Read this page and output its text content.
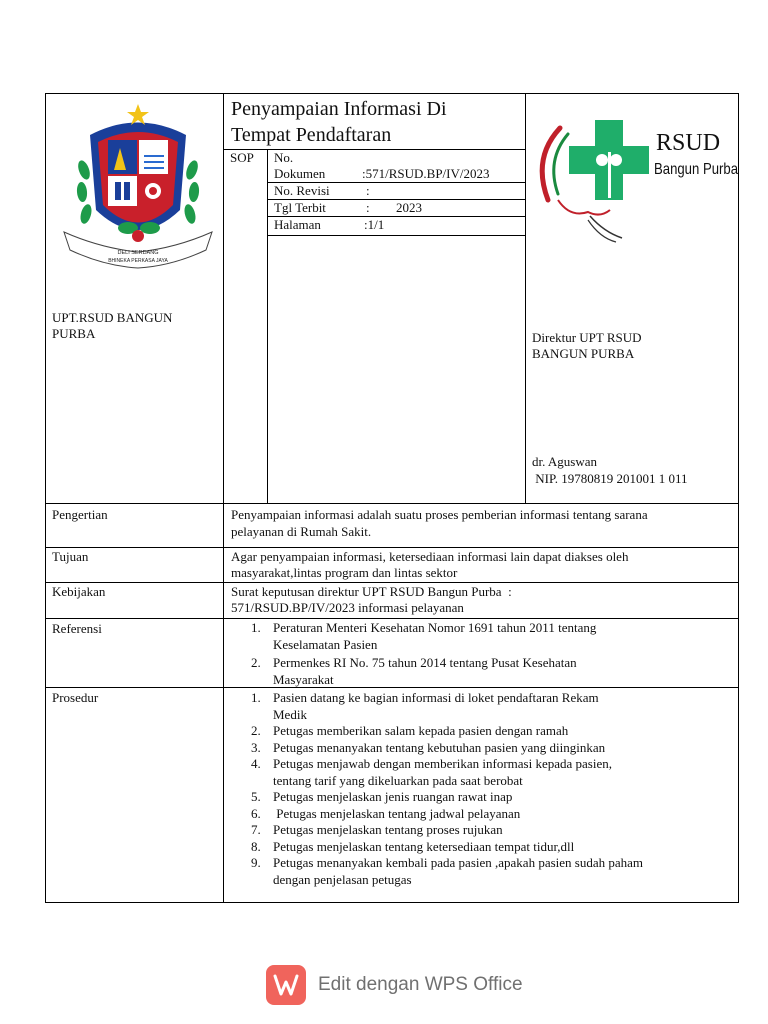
DELI SERDANG
BHINEKA PERKASA JAYA
UPT.RSUD BANGUN
PURBA
Penyampaian Informasi Di
Tempat Pendaftaran
SOP No.
Dokumen	:571/RSUD.BP/IV/2023
No. Revisi	:
Tgl Terbit	: 2023
Halaman	:1/1
RSUD
Bangun Purba
Direktur UPT RSUD
BANGUN PURBA
dr. Aguswan
NIP. 19780819 201001 1 011
Pengertian	Penyampaian informasi adalah suatu proses pemberian informasi tentang sarana
pelayanan di Rumah Sakit.
Tujuan	Agar penyampaian informasi, ketersediaan informasi lain dapat diakses oleh
masyarakat,lintas program dan lintas sektor
Kebijakan	Surat keputusan direktur UPT RSUD Bangun Purba  :
571/RSUD.BP/IV/2023 informasi pelayanan
Referensi	1. Peraturan Menteri Kesehatan Nomor 1691 tahun 2011 tentang
Keselamatan Pasien
2. Permenkes RI No. 75 tahun 2014 tentang Pusat Kesehatan
Masyarakat
Prosedur	1. Pasien datang ke bagian informasi di loket pendaftaran Rekam
Medik
2. Petugas memberikan salam kepada pasien dengan ramah
3. Petugas menanyakan tentang kebutuhan pasien yang diinginkan
4. Petugas menjawab dengan memberikan informasi kepada pasien,
tentang tarif yang dikeluarkan pada saat berobat
5. Petugas menjelaskan jenis ruangan rawat inap
6. Petugas menjelaskan tentang jadwal pelayanan
7. Petugas menjelaskan tentang proses rujukan
8. Petugas menjelaskan tentang ketersediaan tempat tidur,dll
9. Petugas menanyakan kembali pada pasien ,apakah pasien sudah paham
dengan penjelasan petugas
Edit dengan WPS Office
